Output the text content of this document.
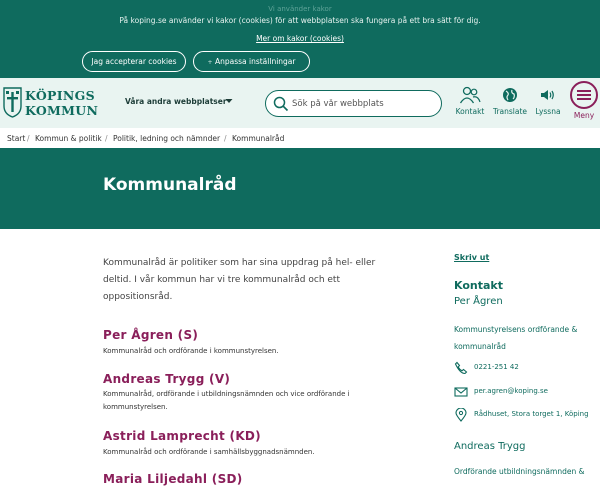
Vi använder kakor
På koping.se använder vi kakor (cookies) för att webbplatsen ska fungera på ett bra sätt för dig.
Mer om kakor (cookies)
Jag accepterar cookies	+ Anpassa inställningar
KÖPINGS
KOMMUN
Våra andra webbplatser
Sök på vår webbplats
Kontakt	Translate	Lyssna	Meny
Start / Kommun & politik / Politik, ledning och nämnder / Kommunalråd
Kommunalråd
Kommunalråd är politiker som har sina uppdrag på hel- eller deltid. I vår kommun har vi tre kommunalråd och ett oppositionsråd.
Per Ågren (S)
Kommunalråd och ordförande i kommunstyrelsen.
Andreas Trygg (V)
Kommunalråd, ordförande i utbildningsnämnden och vice ordförande i kommunstyrelsen.
Astrid Lamprecht (KD)
Kommunalråd och ordförande i samhällsbyggnadsnämnden.
Maria Liljedahl (SD)
Skriv ut
Kontakt
Per Ågren
Kommunstyrelsens ordförande & kommunalråd
0221-251 42
per.agren@koping.se
Rådhuset, Stora torget 1, Köping
Andreas Trygg
Ordförande utbildningsnämnden &
